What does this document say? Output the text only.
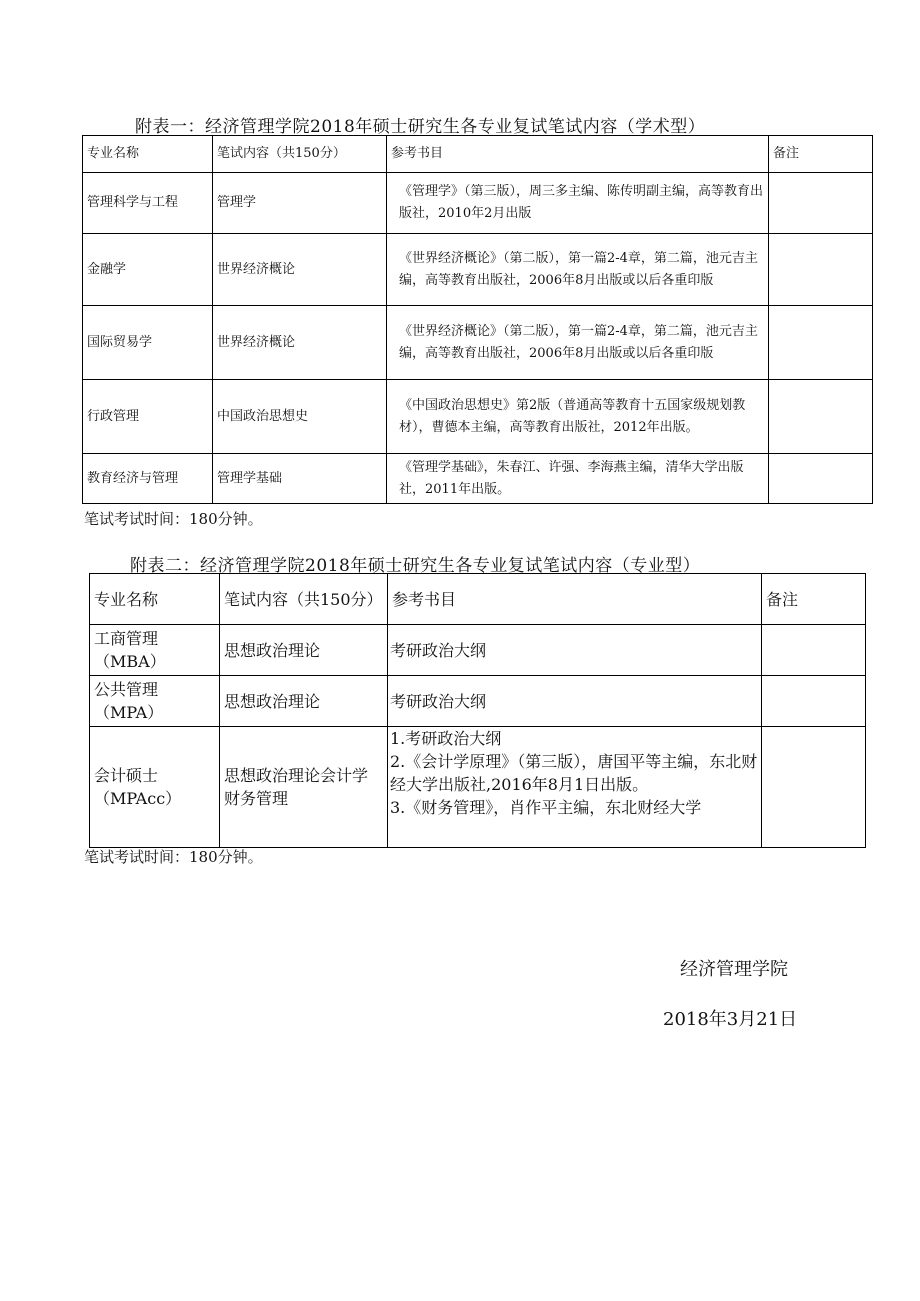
附表一：经济管理学院2018年硕士研究生各专业复试笔试内容（学术型）
专业名称	笔试内容（共150分）	参考书目	备注
管理科学与工程	管理学	《管理学》（第三版），周三多主编、陈传明副主编，高等教育出版社，2010年2月出版	
金融学	世界经济概论	《世界经济概论》（第二版），第一篇2-4章，第二篇，池元吉主编，高等教育出版社，2006年8月出版或以后各重印版	
国际贸易学	世界经济概论	《世界经济概论》（第二版），第一篇2-4章，第二篇，池元吉主编，高等教育出版社，2006年8月出版或以后各重印版	
行政管理	中国政治思想史	《中国政治思想史》第2版（普通高等教育十五国家级规划教材），曹德本主编，高等教育出版社，2012年出版。	
教育经济与管理	管理学基础	《管理学基础》，朱春江、许强、李海燕主编，清华大学出版社，2011年出版。	
笔试考试时间：180分钟。
附表二：经济管理学院2018年硕士研究生各专业复试笔试内容（专业型）
专业名称	笔试内容（共150分）	参考书目	备注
工商管理（MBA）	思想政治理论	考研政治大纲	
公共管理（MPA）	思想政治理论	考研政治大纲	
会计硕士（MPAcc）	思想政治理论会计学财务管理	1.考研政治大纲
2.《会计学原理》（第三版），唐国平等主编，东北财经大学出版社,2016年8月1日出版。
3.《财务管理》，肖作平主编，东北财经大学	

笔试考试时间：180分钟。
经济管理学院
2018年3月21日
